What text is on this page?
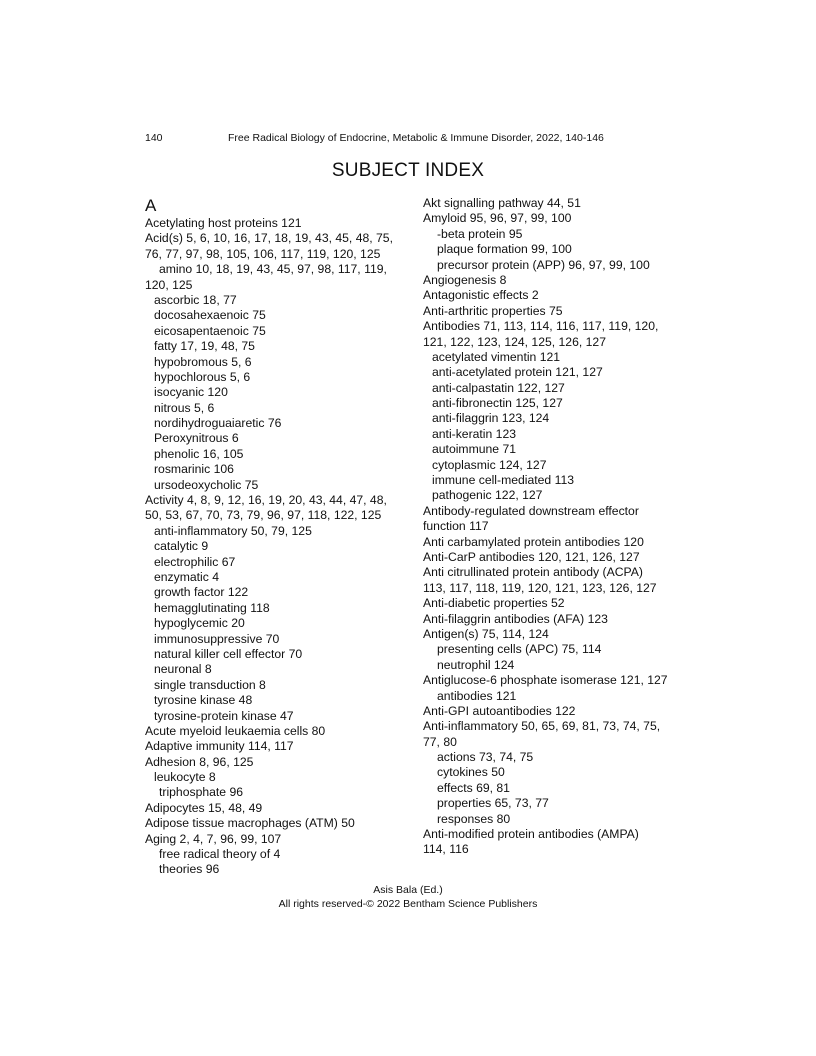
140	Free Radical Biology of Endocrine, Metabolic & Immune Disorder, 2022, 140-146
SUBJECT INDEX
A
Acetylating host proteins 121
Acid(s) 5, 6, 10, 16, 17, 18, 19, 43, 45, 48, 75,
76, 77, 97, 98, 105, 106, 117, 119, 120, 125
amino 10, 18, 19, 43, 45, 97, 98, 117, 119,
120, 125
ascorbic 18, 77
docosahexaenoic 75
eicosapentaenoic 75
fatty 17, 19, 48, 75
hypobromous 5, 6
hypochlorous 5, 6
isocyanic 120
nitrous 5, 6
nordihydroguaiaretic 76
Peroxynitrous 6
phenolic 16, 105
rosmarinic 106
ursodeoxycholic 75
Activity 4, 8, 9, 12, 16, 19, 20, 43, 44, 47, 48,
50, 53, 67, 70, 73, 79, 96, 97, 118, 122, 125
anti-inflammatory 50, 79, 125
catalytic 9
electrophilic 67
enzymatic 4
growth factor 122
hemagglutinating 118
hypoglycemic 20
immunosuppressive 70
natural killer cell effector 70
neuronal 8
single transduction 8
tyrosine kinase 48
tyrosine-protein kinase 47
Acute myeloid leukaemia cells 80
Adaptive immunity 114, 117
Adhesion 8, 96, 125
leukocyte 8
triphosphate 96
Adipocytes 15, 48, 49
Adipose tissue macrophages (ATM) 50
Aging 2, 4, 7, 96, 99, 107
free radical theory of 4
theories 96
Akt signalling pathway 44, 51
Amyloid 95, 96, 97, 99, 100
-beta protein 95
plaque formation 99, 100
precursor protein (APP) 96, 97, 99, 100
Angiogenesis 8
Antagonistic effects 2
Anti-arthritic properties 75
Antibodies 71, 113, 114, 116, 117, 119, 120,
121, 122, 123, 124, 125, 126, 127
acetylated vimentin 121
anti-acetylated protein 121, 127
anti-calpastatin 122, 127
anti-fibronectin 125, 127
anti-filaggrin 123, 124
anti-keratin 123
autoimmune 71
cytoplasmic 124, 127
immune cell-mediated 113
pathogenic 122, 127
Antibody-regulated downstream effector
function 117
Anti carbamylated protein antibodies 120
Anti-CarP antibodies 120, 121, 126, 127
Anti citrullinated protein antibody (ACPA)
113, 117, 118, 119, 120, 121, 123, 126, 127
Anti-diabetic properties 52
Anti-filaggrin antibodies (AFA) 123
Antigen(s) 75, 114, 124
presenting cells (APC) 75, 114
neutrophil 124
Antiglucose-6 phosphate isomerase 121, 127
antibodies 121
Anti-GPI autoantibodies 122
Anti-inflammatory 50, 65, 69, 81, 73, 74, 75,
77, 80
actions 73, 74, 75
cytokines 50
effects 69, 81
properties 65, 73, 77
responses 80
Anti-modified protein antibodies (AMPA)
114, 116
Asis Bala (Ed.)
All rights reserved-© 2022 Bentham Science Publishers
